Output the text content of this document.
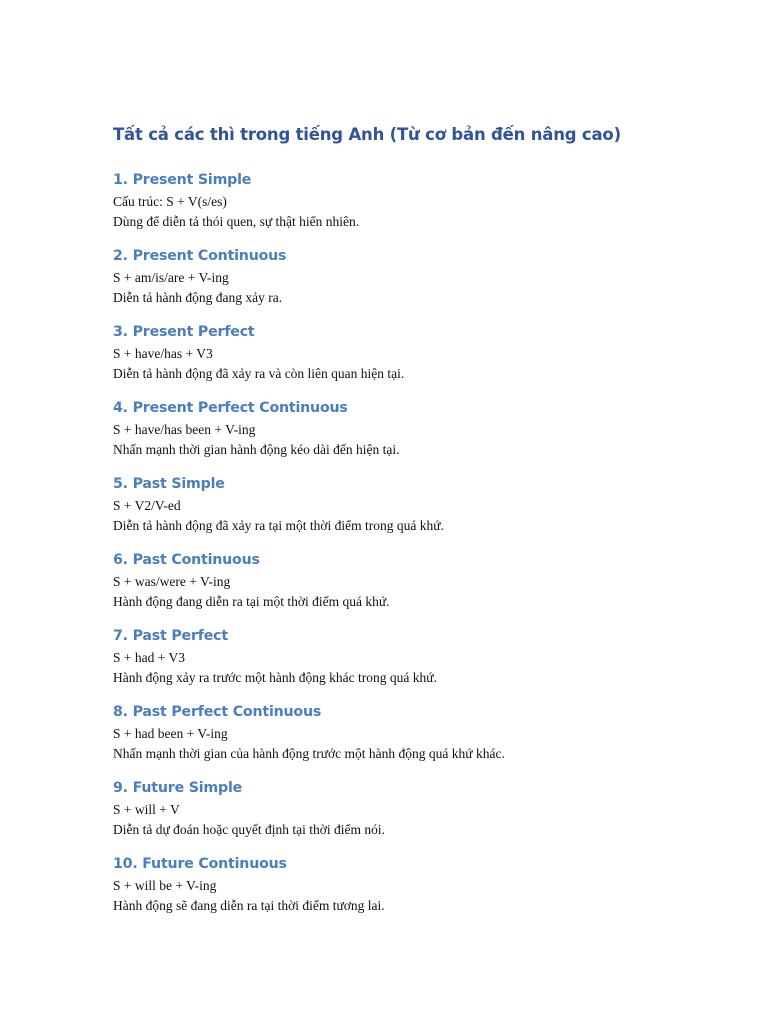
Tất cả các thì trong tiếng Anh (Từ cơ bản đến nâng cao)
1. Present Simple

Cấu trúc: S + V(s/es)

Dùng để diễn tả thói quen, sự thật hiển nhiên.

2. Present Continuous

S + am/is/are + V-ing

Diễn tả hành động đang xảy ra.

3. Present Perfect

S + have/has + V3

Diễn tả hành động đã xảy ra và còn liên quan hiện tại.

4. Present Perfect Continuous

S + have/has been + V-ing

Nhấn mạnh thời gian hành động kéo dài đến hiện tại.

5. Past Simple

S + V2/V-ed

Diễn tả hành động đã xảy ra tại một thời điểm trong quá khứ.

6. Past Continuous

S + was/were + V-ing

Hành động đang diễn ra tại một thời điểm quá khứ.

7. Past Perfect

S + had + V3

Hành động xảy ra trước một hành động khác trong quá khứ.

8. Past Perfect Continuous

S + had been + V-ing

Nhấn mạnh thời gian của hành động trước một hành động quá khứ khác.

9. Future Simple

S + will + V

Diễn tả dự đoán hoặc quyết định tại thời điểm nói.

10. Future Continuous

S + will be + V-ing

Hành động sẽ đang diễn ra tại thời điểm tương lai.
